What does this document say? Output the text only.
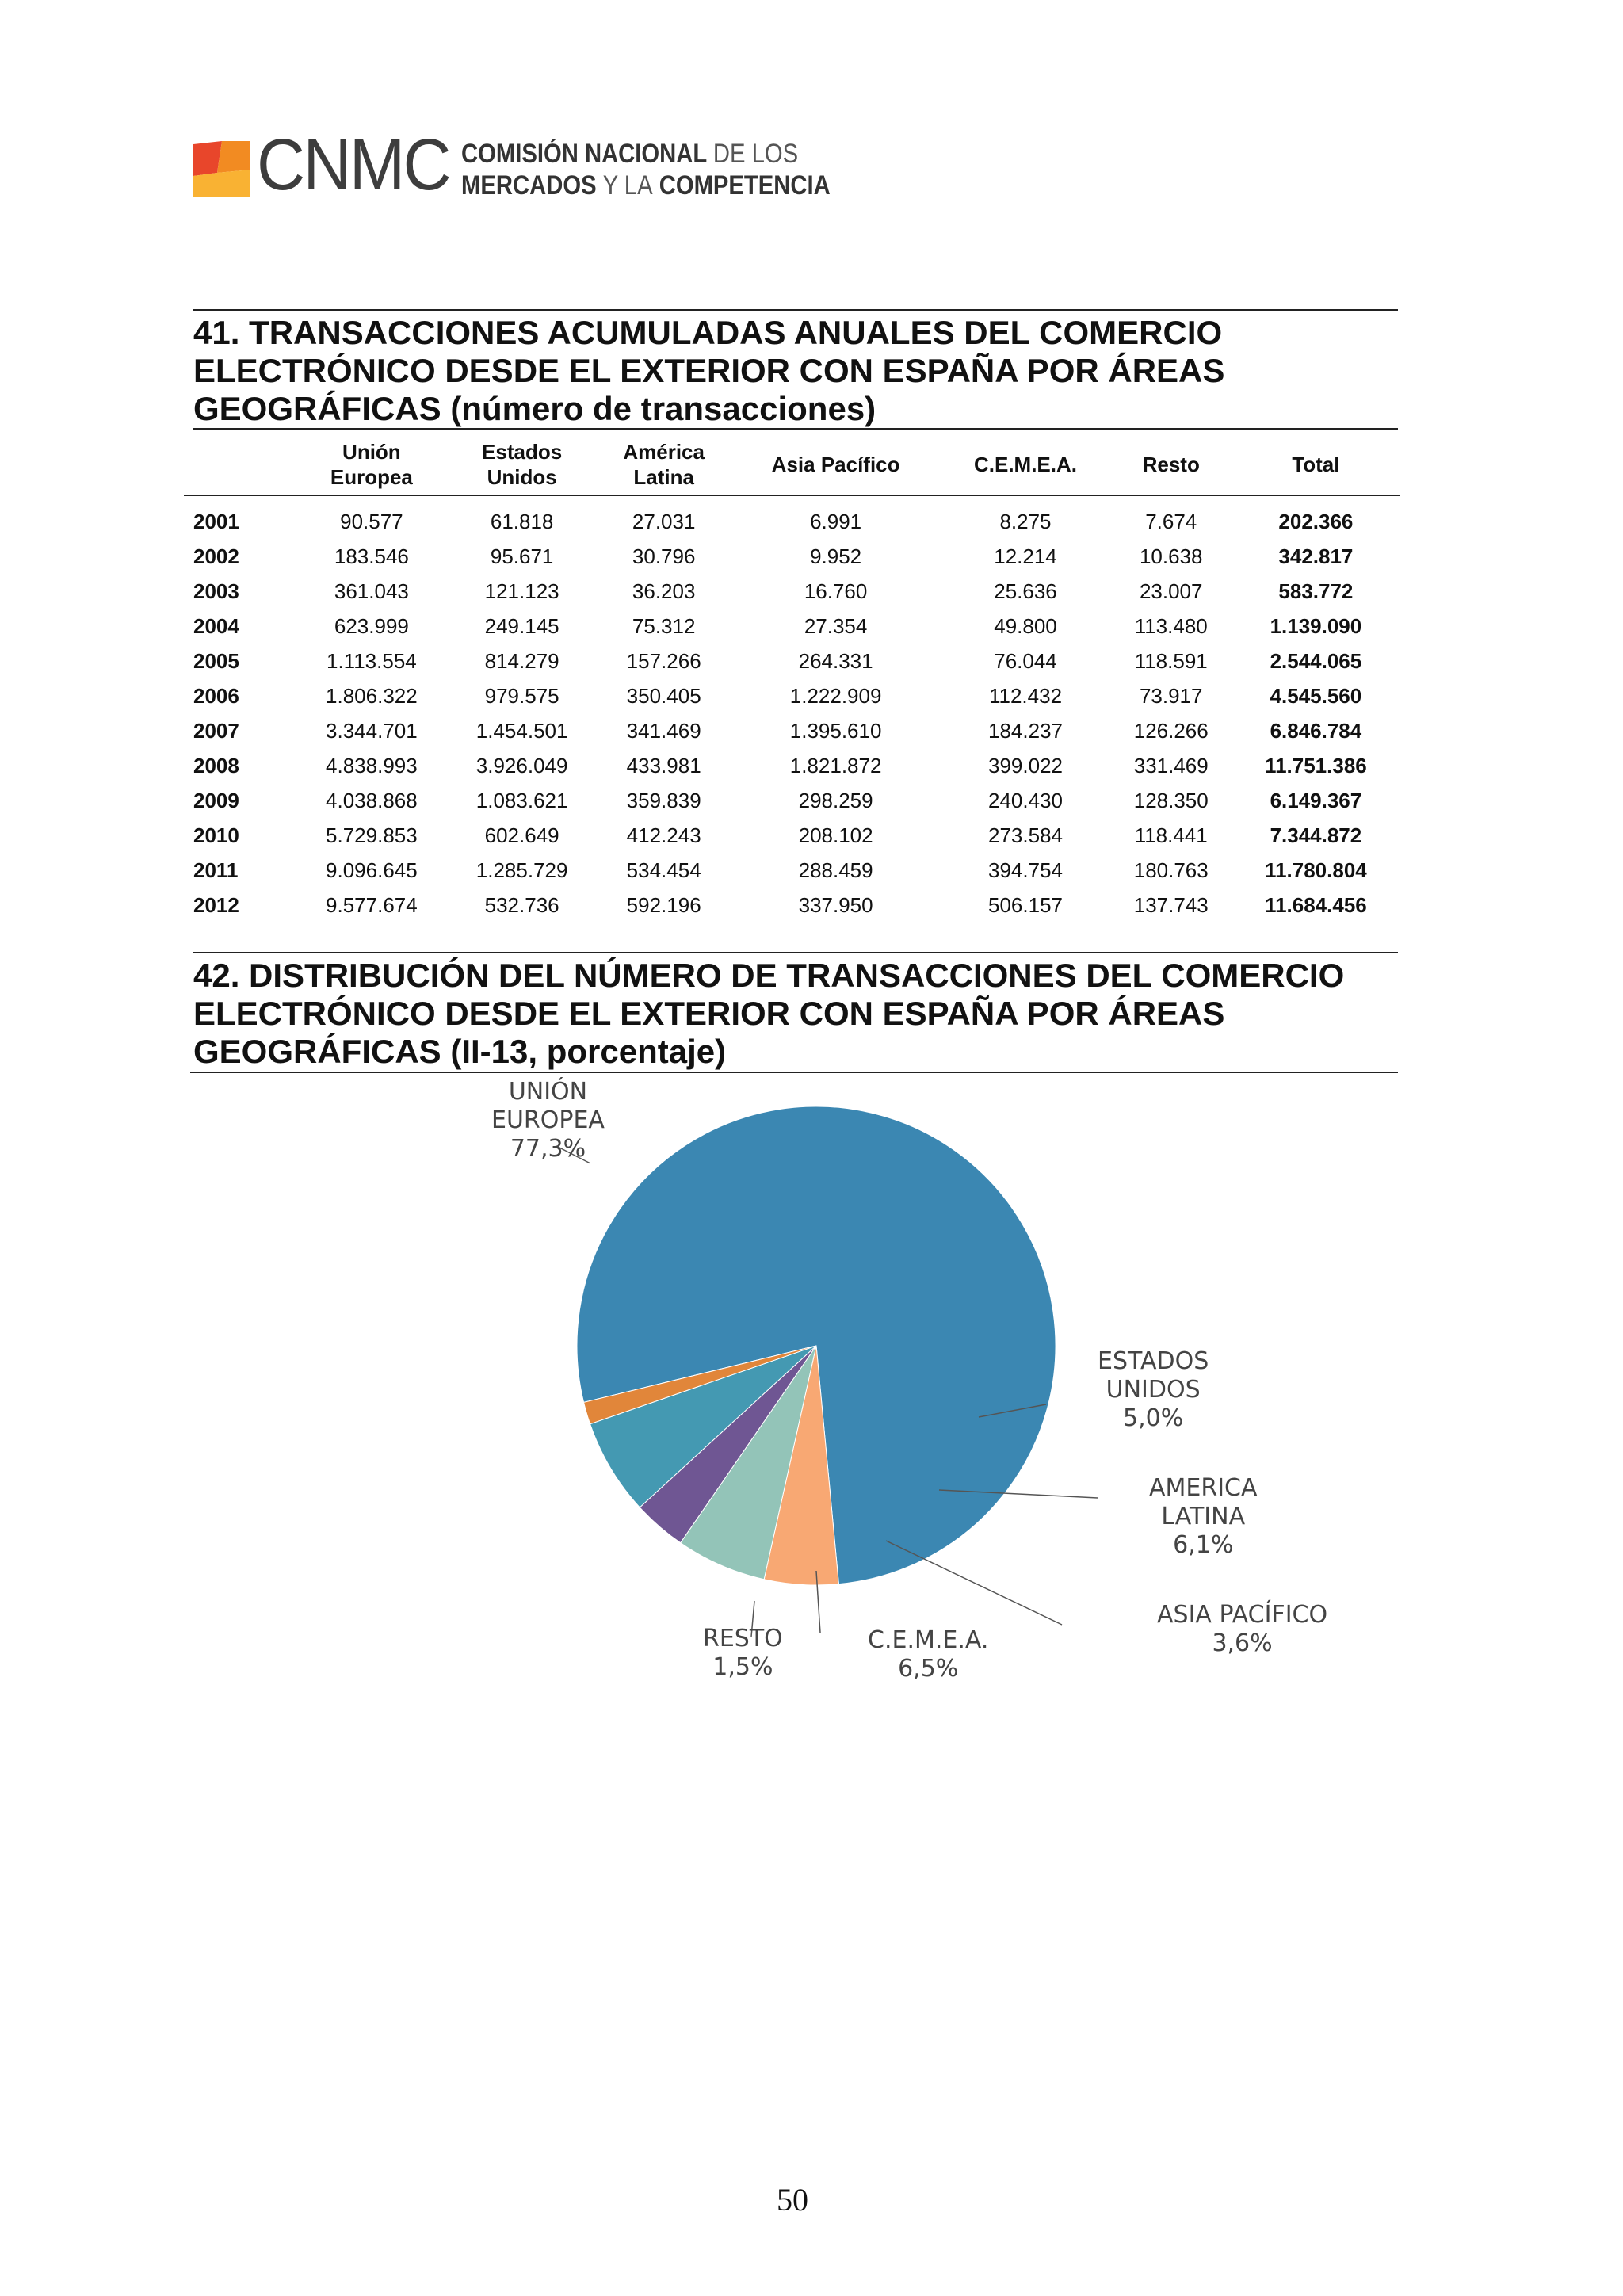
CNMC COMISIÓN NACIONAL DE LOS
MERCADOS Y LA COMPETENCIA
41. TRANSACCIONES ACUMULADAS ANUALES DEL COMERCIO
ELECTRÓNICO DESDE EL EXTERIOR CON ESPAÑA POR ÁREAS
GEOGRÁFICAS (número de transacciones)
	Unión
Europea	Estados
Unidos	América
Latina	Asia Pacífico	C.E.M.E.A.	Resto	Total
2001	90.577	61.818	27.031	6.991	8.275	7.674	202.366
2002	183.546	95.671	30.796	9.952	12.214	10.638	342.817
2003	361.043	121.123	36.203	16.760	25.636	23.007	583.772
2004	623.999	249.145	75.312	27.354	49.800	113.480	1.139.090
2005	1.113.554	814.279	157.266	264.331	76.044	118.591	2.544.065
2006	1.806.322	979.575	350.405	1.222.909	112.432	73.917	4.545.560
2007	3.344.701	1.454.501	341.469	1.395.610	184.237	126.266	6.846.784
2008	4.838.993	3.926.049	433.981	1.821.872	399.022	331.469	11.751.386
2009	4.038.868	1.083.621	359.839	298.259	240.430	128.350	6.149.367
2010	5.729.853	602.649	412.243	208.102	273.584	118.441	7.344.872
2011	9.096.645	1.285.729	534.454	288.459	394.754	180.763	11.780.804
2012	9.577.674	532.736	592.196	337.950	506.157	137.743	11.684.456
42. DISTRIBUCIÓN DEL NÚMERO DE TRANSACCIONES DEL COMERCIO
ELECTRÓNICO DESDE EL EXTERIOR CON ESPAÑA POR ÁREAS
GEOGRÁFICAS (II-13, porcentaje)
UNIÓN
EUROPEA
77,3%
ESTADOS
UNIDOS
5,0%
AMERICA
LATINA
6,1%
ASIA PACÍFICO
3,6%
C.E.M.E.A.
6,5%
RESTO
1,5%
50
